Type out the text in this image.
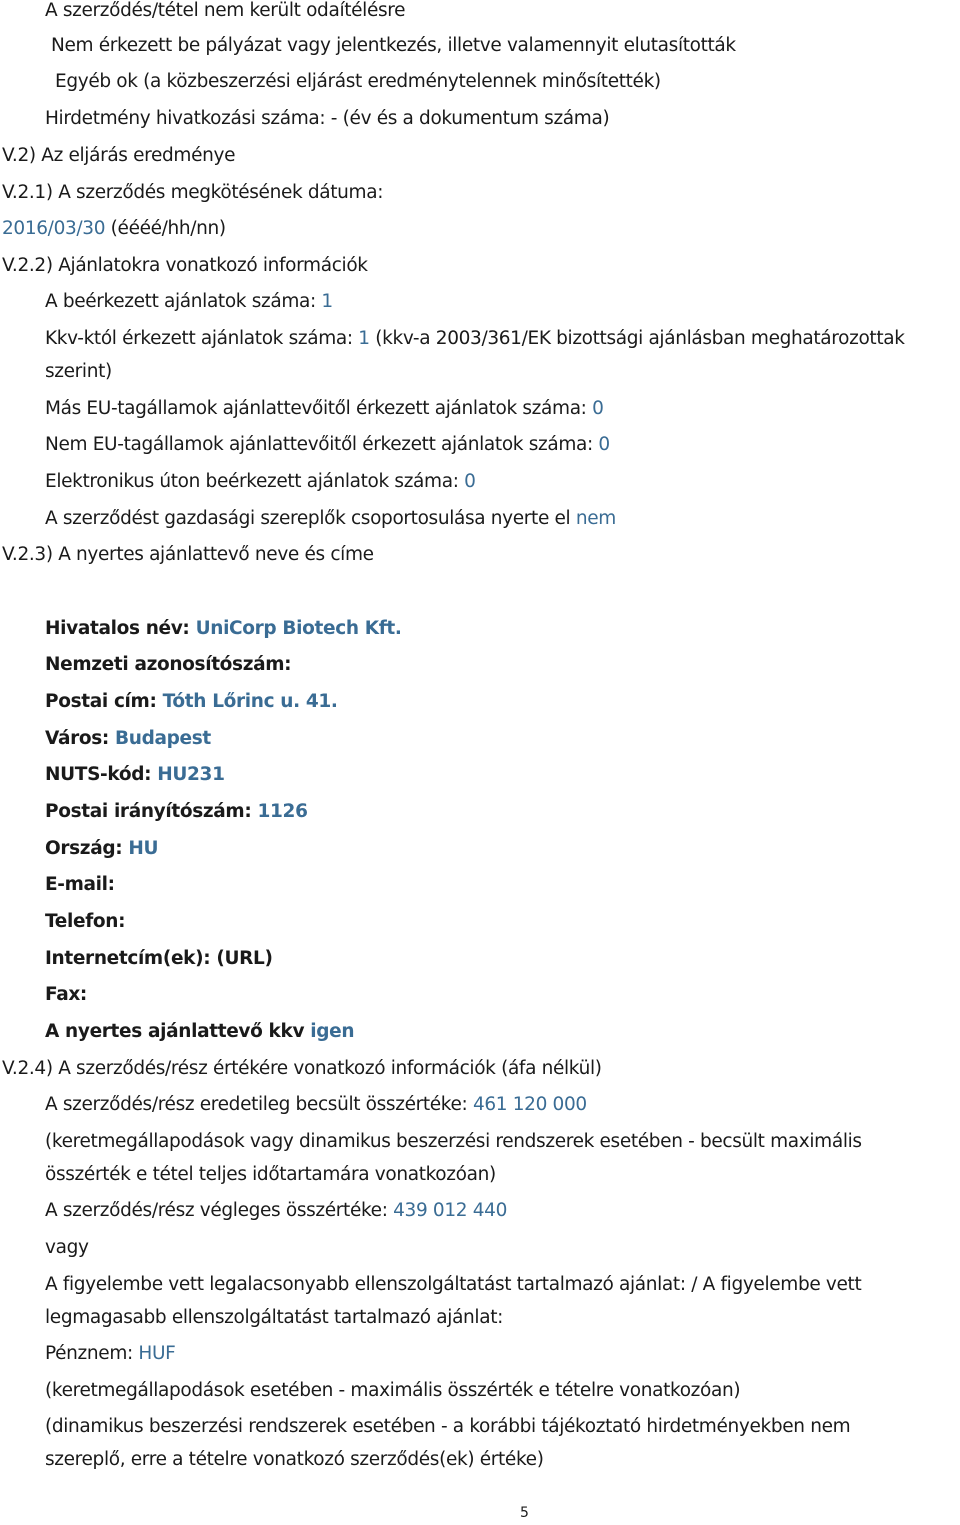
A szerződés/tétel nem került odaítélésre
Nem érkezett be pályázat vagy jelentkezés, illetve valamennyit elutasították
Egyéb ok (a közbeszerzési eljárást eredménytelennek minősítették)
Hirdetmény hivatkozási száma: - (év és a dokumentum száma)
V.2) Az eljárás eredménye
V.2.1) A szerződés megkötésének dátuma:
2016/03/30 (éééé/hh/nn)
V.2.2) Ajánlatokra vonatkozó információk
A beérkezett ajánlatok száma: 1
Kkv-któl érkezett ajánlatok száma: 1 (kkv-a 2003/361/EK bizottsági ajánlásban meghatározottak
szerint)
Más EU-tagállamok ajánlattevőitől érkezett ajánlatok száma: 0
Nem EU-tagállamok ajánlattevőitől érkezett ajánlatok száma: 0
Elektronikus úton beérkezett ajánlatok száma: 0
A szerződést gazdasági szereplők csoportosulása nyerte el nem
V.2.3) A nyertes ajánlattevő neve és címe
Hivatalos név: UniCorp Biotech Kft.
Nemzeti azonosítószám:
Postai cím: Tóth Lőrinc u. 41.
Város: Budapest
NUTS-kód: HU231
Postai irányítószám: 1126
Ország: HU
E-mail:
Telefon:
Internetcím(ek): (URL)
Fax:
A nyertes ajánlattevő kkv igen
V.2.4) A szerződés/rész értékére vonatkozó információk (áfa nélkül)
A szerződés/rész eredetileg becsült összértéke: 461 120 000
(keretmegállapodások vagy dinamikus beszerzési rendszerek esetében - becsült maximális
összérték e tétel teljes időtartamára vonatkozóan)
A szerződés/rész végleges összértéke: 439 012 440
vagy
A figyelembe vett legalacsonyabb ellenszolgáltatást tartalmazó ajánlat: / A figyelembe vett
legmagasabb ellenszolgáltatást tartalmazó ajánlat:
Pénznem: HUF
(keretmegállapodások esetében - maximális összérték e tételre vonatkozóan)
(dinamikus beszerzési rendszerek esetében - a korábbi tájékoztató hirdetményekben nem
szereplő, erre a tételre vonatkozó szerződés(ek) értéke)
5
